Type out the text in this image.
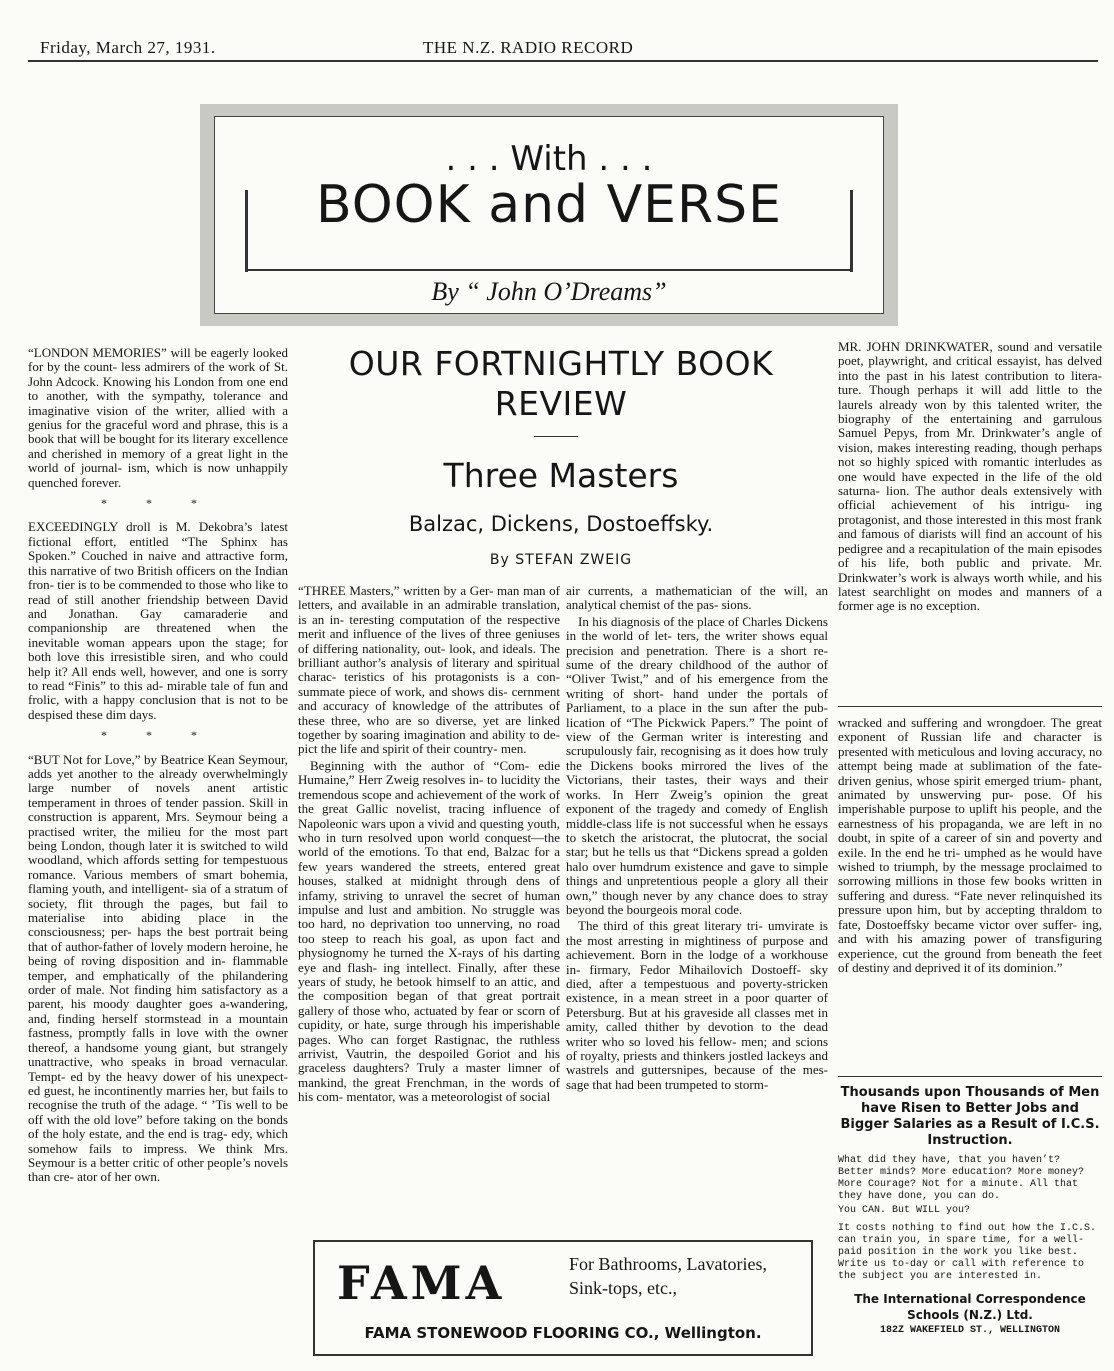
Friday, March 27, 1931.	THE N.Z. RADIO RECORD
. . . With . . .
BOOK and VERSE
By “ John O’Dreams”

“LONDON MEMORIES” will be eagerly looked for by the count- less admirers of the work of St. John Adcock. Knowing his London from one end to another, with the sympathy, tolerance and imaginative vision of the writer, allied with a genius for the graceful word and phrase, this is a book that will be bought for its literary excellence and cherished in memory of a great light in the world of journal- ism, which is now unhappily quenched forever.

* * *

EXCEEDINGLY droll is M. Dekobra’s latest fictional effort, entitled “The Sphinx has Spoken.” Couched in naive and attractive form, this narrative of two British officers on the Indian fron- tier is to be commended to those who like to read of still another friendship between David and Jonathan. Gay camaraderie and companionship are threatened when the inevitable woman appears upon the stage; for both love this irresistible siren, and who could help it? All ends well, however, and one is sorry to read “Finis” to this ad- mirable tale of fun and frolic, with a happy conclusion that is not to be despised these dim days.

* * *

“BUT Not for Love,” by Beatrice Kean Seymour, adds yet another to the already overwhelmingly large number of novels anent artistic temperament in throes of tender passion. Skill in construction is apparent, Mrs. Seymour being a practised writer, the milieu for the most part being London, though later it is switched to wild woodland, which affords setting for tempestuous romance. Various members of smart bohemia, flaming youth, and intelligent- sia of a stratum of society, flit through the pages, but fail to materialise into abiding place in the consciousness; per- haps the best portrait being that of author-father of lovely modern heroine, he being of roving disposition and in- flammable temper, and emphatically of the philandering order of male. Not finding him satisfactory as a parent, his moody daughter goes a-wandering, and, finding herself stormstead in a mountain fastness, promptly falls in love with the owner thereof, a handsome young giant, but strangely unattractive, who speaks in broad vernacular. Tempt- ed by the heavy dower of his unexpect- ed guest, he incontinently marries her, but fails to recognise the truth of the adage. “ ’Tis well to be off with the old love” before taking on the bonds of the holy estate, and the end is trag- edy, which somehow fails to impress. We think Mrs. Seymour is a better critic of other people’s novels than cre- ator of her own.

OUR FORTNIGHTLY BOOK REVIEW
Three Masters
Balzac, Dickens, Dostoeffsky.
By STEFAN ZWEIG

“THREE Masters,” written by a Ger- man man of letters, and available in an admirable translation, is an in- teresting computation of the respective merit and influence of the lives of three geniuses of differing nationality, out- look, and ideals. The brilliant author’s analysis of literary and spiritual charac- teristics of his protagonists is a con- summate piece of work, and shows dis- cernment and accuracy of knowledge of the attributes of these three, who are so diverse, yet are linked together by soaring imagination and ability to de- pict the life and spirit of their country- men.

Beginning with the author of “Com- edie Humaine,” Herr Zweig resolves in- to lucidity the tremendous scope and achievement of the work of the great Gallic novelist, tracing influence of Napoleonic wars upon a vivid and questing youth, who in turn resolved upon world conquest—the world of the emotions. To that end, Balzac for a few years wandered the streets, entered great houses, stalked at midnight through dens of infamy, striving to unravel the secret of human impulse and lust and ambition. No struggle was too hard, no deprivation too unnerving, no road too steep to reach his goal, as upon fact and physiognomy he turned the X-rays of his darting eye and flash- ing intellect. Finally, after these years of study, he betook himself to an attic, and the composition began of that great portrait gallery of those who, actuated by fear or scorn of cupidity, or hate, surge through his imperishable pages. Who can forget Rastignac, the ruthless arrivist, Vautrin, the despoiled Goriot and his graceless daughters? Truly a master limner of mankind, the great Frenchman, in the words of his com- mentator, was a meteorologist of social

air currents, a mathematician of the will, an analytical chemist of the pas- sions.

In his diagnosis of the place of Charles Dickens in the world of let- ters, the writer shows equal precision and penetration. There is a short re- sume of the dreary childhood of the author of “Oliver Twist,” and of his emergence from the writing of short- hand under the portals of Parliament, to a place in the sun after the pub- lication of “The Pickwick Papers.” The point of view of the German writer is interesting and scrupulously fair, recognising as it does how truly the Dickens books mirrored the lives of the Victorians, their tastes, their ways and their works. In Herr Zweig’s opinion the great exponent of the tragedy and comedy of English middle-class life is not successful when he essays to sketch the aristocrat, the plutocrat, the social star; but he tells us that “Dickens spread a golden halo over humdrum existence and gave to simple things and unpretentious people a glory all their own,” though never by any chance does to stray beyond the bourgeois moral code.

The third of this great literary tri- umvirate is the most arresting in mightiness of purpose and achievement. Born in the lodge of a workhouse in- firmary, Fedor Mihailovich Dostoeff- sky died, after a tempestuous and poverty-stricken existence, in a mean street in a poor quarter of Petersburg. But at his graveside all classes met in amity, called thither by devotion to the dead writer who so loved his fellow- men; and scions of royalty, priests and thinkers jostled lackeys and wastrels and guttersnipes, because of the mes- sage that had been trumpeted to storm-

MR. JOHN DRINKWATER, sound and versatile poet, playwright, and critical essayist, has delved into the past in his latest contribution to litera- ture. Though perhaps it will add little to the laurels already won by this talented writer, the biography of the entertaining and garrulous Samuel Pepys, from Mr. Drinkwater’s angle of vision, makes interesting reading, though perhaps not so highly spiced with romantic interludes as one would have expected in the life of the old saturna- lion. The author deals extensively with official achievement of his intrigu- ing protagonist, and those interested in this most frank and famous of diarists will find an account of his pedigree and a recapitulation of the main episodes of his life, both public and private. Mr. Drinkwater’s work is always worth while, and his latest searchlight on modes and manners of a former age is no exception.

wracked and suffering and wrongdoer. The great exponent of Russian life and character is presented with meticulous and loving accuracy, no attempt being made at sublimation of the fate-driven genius, whose spirit emerged trium- phant, animated by unswerving pur- pose. Of his imperishable purpose to uplift his people, and the earnestness of his propaganda, we are left in no doubt, in spite of a career of sin and poverty and exile. In the end he tri- umphed as he would have wished to triumph, by the message proclaimed to sorrowing millions in those few books written in suffering and duress. “Fate never relinquished its pressure upon him, but by accepting thraldom to fate, Dostoeffsky became victor over suffer- ing, and with his amazing power of transfiguring experience, cut the ground from beneath the feet of destiny and deprived it of its dominion.”

Thousands upon Thousands of Men have Risen to Better Jobs and Bigger Salaries as a Result of I.C.S. Instruction.
What did they have, that you haven’t? Better minds? More education? More money? More Courage? Not for a minute. All that they have done, you can do.
You CAN. But WILL you?
It costs nothing to find out how the I.C.S. can train you, in spare time, for a well-paid position in the work you like best. Write us to-day or call with reference to the subject you are interested in.
The International Correspondence Schools (N.Z.) Ltd.
182Z WAKEFIELD ST., WELLINGTON
FAMA	For Bathrooms, Lavatories,
Sink-tops, etc.,
FAMA STONEWOOD FLOORING CO., Wellington.
